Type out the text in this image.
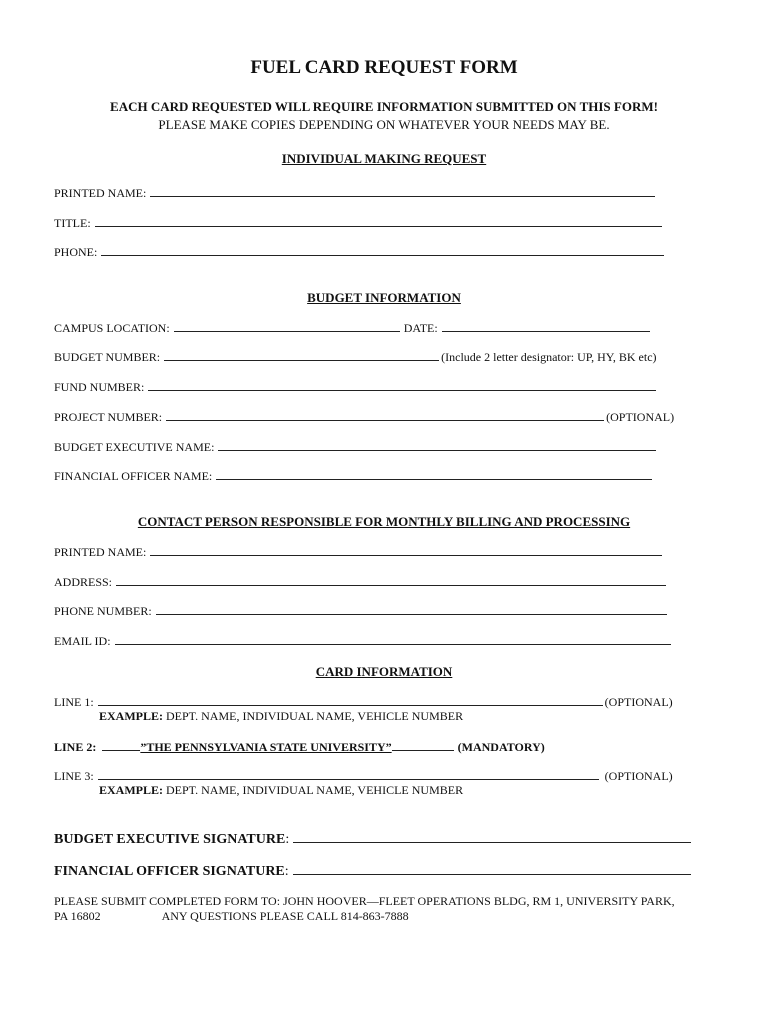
FUEL CARD REQUEST FORM
EACH CARD REQUESTED WILL REQUIRE INFORMATION SUBMITTED ON THIS FORM!
PLEASE MAKE COPIES DEPENDING ON WHATEVER YOUR NEEDS MAY BE.
INDIVIDUAL MAKING REQUEST
PRINTED NAME:
TITLE:
PHONE:
BUDGET INFORMATION
CAMPUS LOCATION:	DATE:
BUDGET NUMBER:	(Include 2 letter designator: UP, HY, BK etc)
FUND NUMBER:
PROJECT NUMBER:	(OPTIONAL)
BUDGET EXECUTIVE NAME:
FINANCIAL OFFICER NAME:
CONTACT PERSON RESPONSIBLE FOR MONTHLY BILLING AND PROCESSING
PRINTED NAME:
ADDRESS:
PHONE NUMBER:
EMAIL ID:
CARD INFORMATION
LINE 1:	(OPTIONAL)
EXAMPLE: DEPT. NAME, INDIVIDUAL NAME, VEHICLE NUMBER
LINE 2:	”THE PENNSYLVANIA STATE UNIVERSITY”	(MANDATORY)
LINE 3:	(OPTIONAL)
EXAMPLE: DEPT. NAME, INDIVIDUAL NAME, VEHICLE NUMBER
BUDGET EXECUTIVE SIGNATURE :
FINANCIAL OFFICER SIGNATURE :
PLEASE SUBMIT COMPLETED FORM TO: JOHN HOOVER—FLEET OPERATIONS BLDG, RM 1, UNIVERSITY PARK,
PA 16802	ANY QUESTIONS PLEASE CALL 814-863-7888
